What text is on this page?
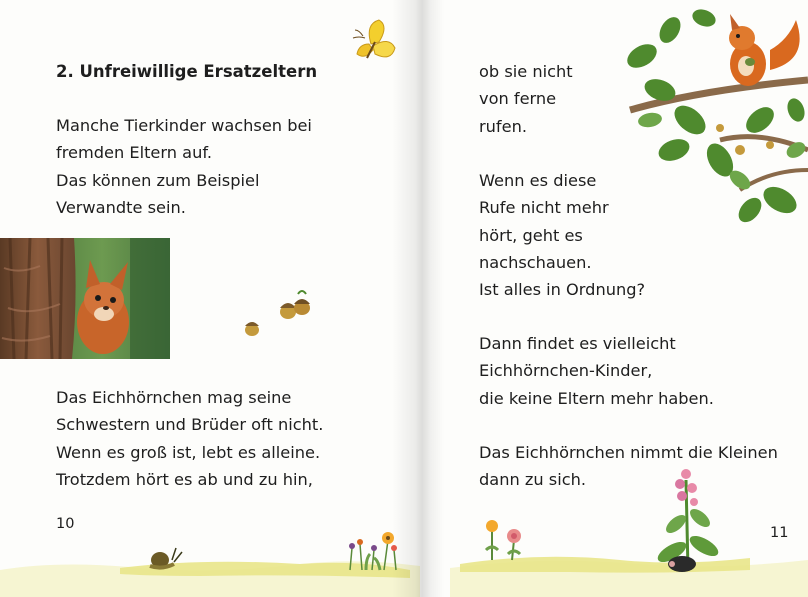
2. Unfreiwillige Ersatzeltern
Manche Tierkinder wachsen bei
fremden Eltern auf.
Das können zum Beispiel
Verwandte sein.
Das Eichhörnchen mag seine
Schwestern und Brüder oft nicht.
Wenn es groß ist, lebt es alleine.
Trotzdem hört es ab und zu hin,
10
ob sie nicht
von ferne
rufen.
Wenn es diese
Rufe nicht mehr
hört, geht es
nachschauen.
Ist alles in Ordnung?
Dann findet es vielleicht
Eichhörnchen-Kinder,
die keine Eltern mehr haben.
Das Eichhörnchen nimmt die Kleinen
dann zu sich.
11
